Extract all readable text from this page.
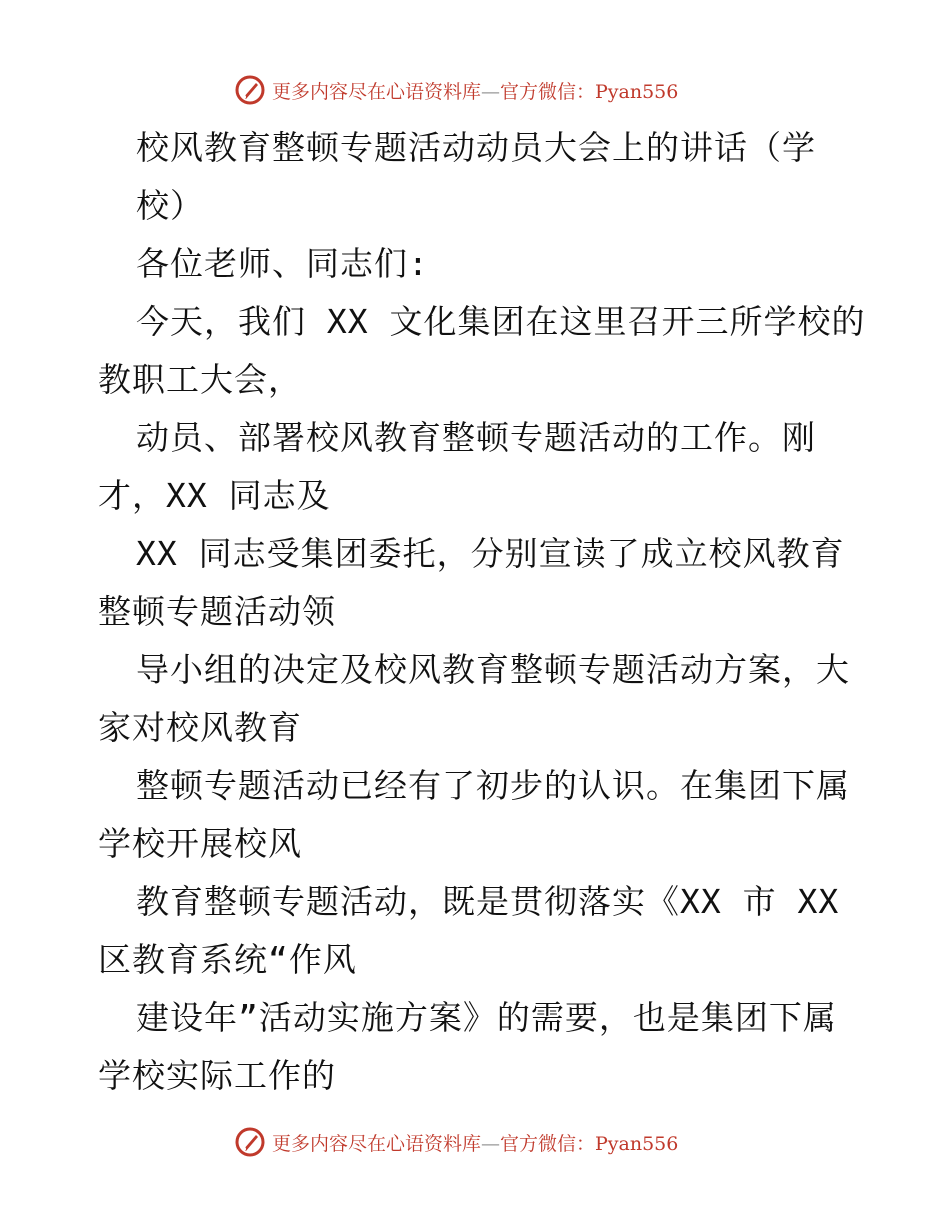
更多内容尽在心语资料库—官方微信：Pyan556
校风教育整顿专题活动动员大会上的讲话（学
校）
各位老师、同志们:
今天，我们 XX 文化集团在这里召开三所学校的
教职工大会，
动员、部署校风教育整顿专题活动的工作。刚
才，XX 同志及
XX 同志受集团委托，分别宣读了成立校风教育
整顿专题活动领
导小组的决定及校风教育整顿专题活动方案，大
家对校风教育
整顿专题活动已经有了初步的认识。在集团下属
学校开展校风
教育整顿专题活动，既是贯彻落实《XX 市 XX
区教育系统“作风
建设年”活动实施方案》的需要，也是集团下属
学校实际工作的
更多内容尽在心语资料库—官方微信：Pyan556
